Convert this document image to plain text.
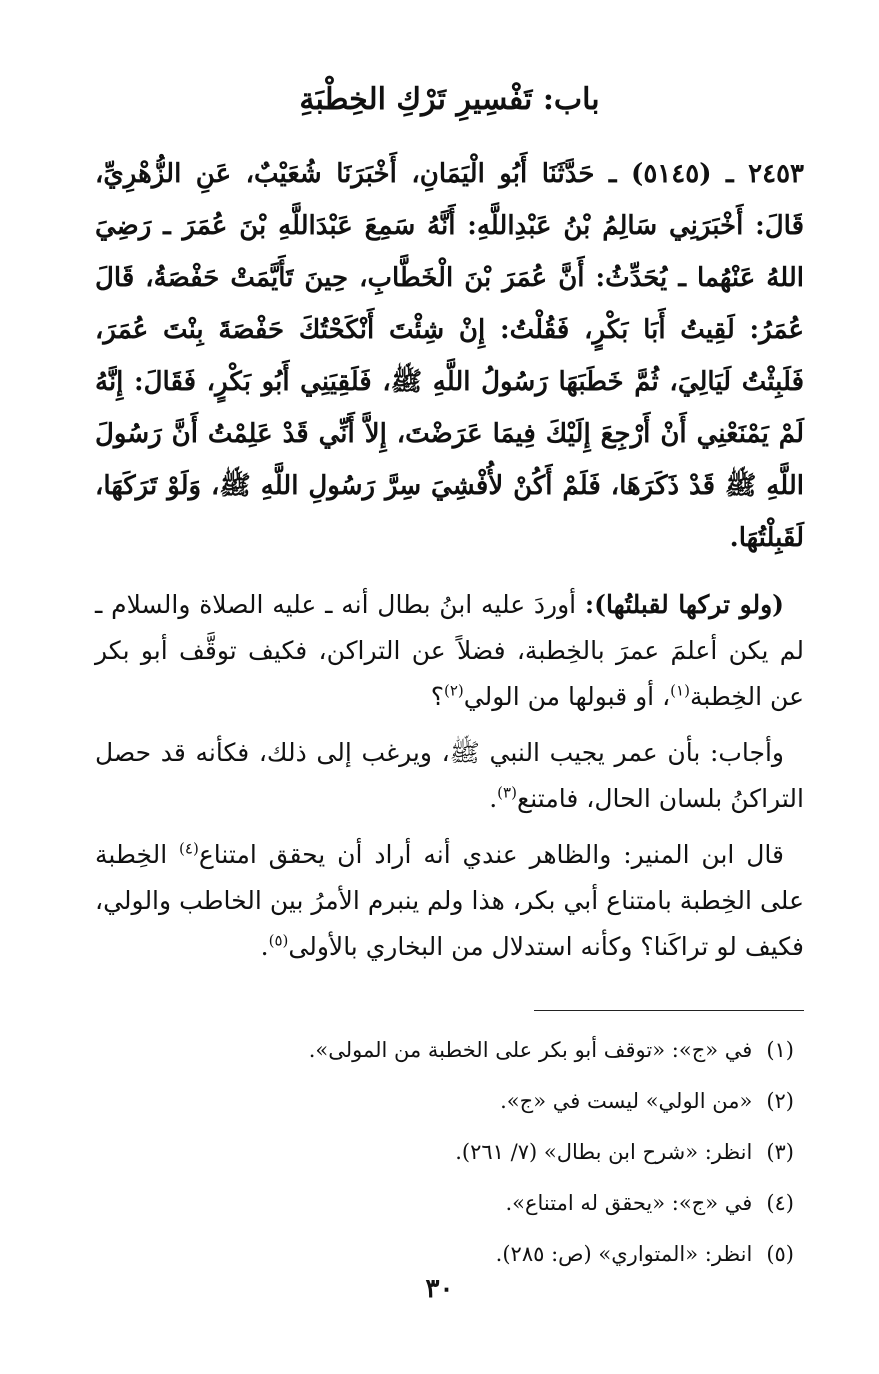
باب: تَفْسِيرِ تَرْكِ الخِطْبَةِ

٢٤٥٣ ـ (٥١٤٥) ـ حَدَّثَنَا أَبُو الْيَمَانِ، أَخْبَرَنَا شُعَيْبٌ، عَنِ الزُّهْرِيِّ، قَالَ: أَخْبَرَنِي سَالِمُ بْنُ عَبْدِاللَّهِ: أَنَّهُ سَمِعَ عَبْدَاللَّهِ بْنَ عُمَرَ ـ رَضِيَ اللهُ عَنْهُما ـ يُحَدِّثُ: أَنَّ عُمَرَ بْنَ الْخَطَّابِ، حِينَ تَأَيَّمَتْ حَفْصَةُ، قَالَ عُمَرُ: لَقِيتُ أَبَا بَكْرٍ، فَقُلْتُ: إِنْ شِئْتَ أَنْكَحْتُكَ حَفْصَةَ بِنْتَ عُمَرَ، فَلَبِثْتُ لَيَالِيَ، ثُمَّ خَطَبَهَا رَسُولُ اللَّهِ ﷺ، فَلَقِيَنِي أَبُو بَكْرٍ، فَقَالَ: إِنَّهُ لَمْ يَمْنَعْنِي أَنْ أَرْجِعَ إِلَيْكَ فِيمَا عَرَضْتَ، إِلاَّ أَنِّي قَدْ عَلِمْتُ أَنَّ رَسُولَ اللَّهِ ﷺ قَدْ ذَكَرَهَا، فَلَمْ أَكُنْ لأُفْشِيَ سِرَّ رَسُولِ اللَّهِ ﷺ، وَلَوْ تَرَكَهَا، لَقَبِلْتُهَا.

(ولو تركها لقبلتُها): أوردَ عليه ابنُ بطال أنه ـ عليه الصلاة والسلام ـ لم يكن أعلمَ عمرَ بالخِطبة، فضلاً عن التراكن، فكيف توقَّف أبو بكر عن الخِطبة$^{(١)}$، أو قبولها من الولي$^{(٢)}$؟

وأجاب: بأن عمر يجيب النبي ﷺ، ويرغب إلى ذلك، فكأنه قد حصل التراكنُ بلسان الحال، فامتنع$^{(٣)}$.

قال ابن المنير: والظاهر عندي أنه أراد أن يحقق امتناع$^{(٤)}$ الخِطبة على الخِطبة بامتناع أبي بكر، هذا ولم ينبرم الأمرُ بين الخاطب والولي، فكيف لو تراكَنا؟ وكأنه استدلال من البخاري بالأولى$^{(٥)}$.

(١)في «ج»: «توقف أبو بكر على الخطبة من المولى».
(٢)«من الولي» ليست في «ج».
(٣)انظر: «شرح ابن بطال» (٧/ ٢٦١).
(٤)في «ج»: «يحقق له امتناع».
(٥)انظر: «المتواري» (ص: ٢٨٥).
٣٠
